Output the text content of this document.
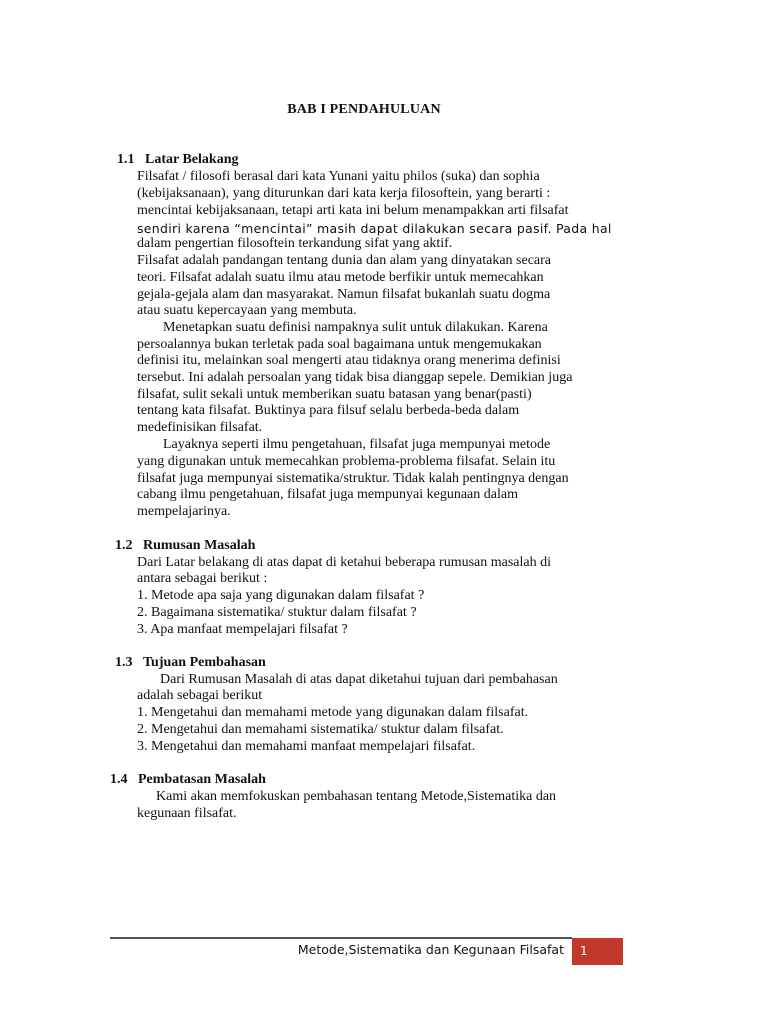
BAB I PENDAHULUAN
1.1 Latar Belakang
Filsafat / filosofi berasal dari kata Yunani yaitu philos (suka) dan sophia
(kebijaksanaan), yang diturunkan dari kata kerja filosoftein, yang berarti :
mencintai kebijaksanaan, tetapi arti kata ini belum menampakkan arti filsafat
sendiri karena “mencintai” masih dapat dilakukan secara pasif. Pada hal
dalam pengertian filosoftein terkandung sifat yang aktif.
Filsafat adalah pandangan tentang dunia dan alam yang dinyatakan secara
teori. Filsafat adalah suatu ilmu atau metode berfikir untuk memecahkan
gejala-gejala alam dan masyarakat. Namun filsafat bukanlah suatu dogma
atau suatu kepercayaan yang membuta.
Menetapkan suatu definisi nampaknya sulit untuk dilakukan. Karena
persoalannya bukan terletak pada soal bagaimana untuk mengemukakan
definisi itu, melainkan soal mengerti atau tidaknya orang menerima definisi
tersebut. Ini adalah persoalan yang tidak bisa dianggap sepele. Demikian juga
filsafat, sulit sekali untuk memberikan suatu batasan yang benar(pasti)
tentang kata filsafat. Buktinya para filsuf selalu berbeda-beda dalam
medefinisikan filsafat.
Layaknya seperti ilmu pengetahuan, filsafat juga mempunyai metode
yang digunakan untuk memecahkan problema-problema filsafat. Selain itu
filsafat juga mempunyai sistematika/struktur. Tidak kalah pentingnya dengan
cabang ilmu pengetahuan, filsafat juga mempunyai kegunaan dalam
mempelajarinya.
1.2 Rumusan Masalah
Dari Latar belakang di atas dapat di ketahui beberapa rumusan masalah di
antara sebagai berikut :
1. Metode apa saja yang digunakan dalam filsafat ?
2. Bagaimana sistematika/ stuktur dalam filsafat ?
3. Apa manfaat mempelajari filsafat ?
1.3 Tujuan Pembahasan
Dari Rumusan Masalah di atas dapat diketahui tujuan dari pembahasan
adalah sebagai berikut
1. Mengetahui dan memahami metode yang digunakan dalam filsafat.
2. Mengetahui dan memahami sistematika/ stuktur dalam filsafat.
3. Mengetahui dan memahami manfaat mempelajari filsafat.
1.4 Pembatasan Masalah
Kami akan memfokuskan pembahasan tentang Metode,Sistematika dan
kegunaan filsafat.
Metode,Sistematika dan Kegunaan Filsafat	1
